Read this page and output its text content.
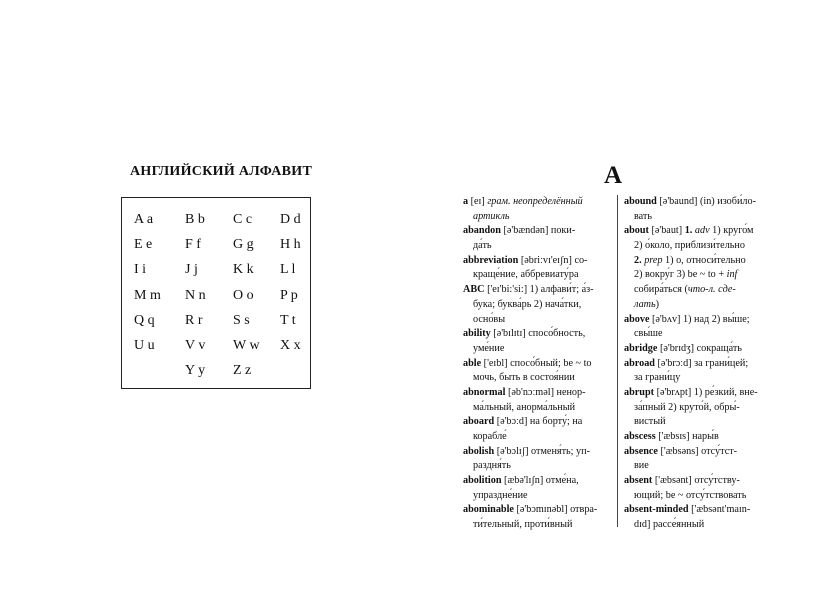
АНГЛИЙСКИЙ АЛФАВИТ
A a B b C c D d
E e F f G g H h
I i	J j	K k L l
M m N n O o P p
Q q R r S s T t
U u V v W w X x
Y y Z z
A
a [eɪ] грам. неопределённый
артикль
abandon [ə'bændən] поки-
да́ть
abbreviation [əbriːvɪ'eɪʃn] со-
краще́ние, аббревиату́ра
ABC ['eɪ'bi:'si:] 1) алфави́т; а́з-
бука; буква́рь 2) нача́тки,
осно́вы
ability [ə'bɪlɪtɪ] спосо́бность,
уме́ние
able ['eɪbl] спосо́бный; be ~ to
мочь, быть в состоя́нии
abnormal [əb'nɔːməl] ненор-
ма́льный, анорма́льный
aboard [ə'bɔːd] на борту́; на
корабле́
abolish [ə'bɔlɪʃ] отменя́ть; уп-
раздня́ть
abolition [æbə'lɪʃn] отме́на,
упраздне́ние
abominable [ə'bɔmɪnəbl] отвра-
ти́тельный, проти́вный
abound [ə'baund] (in) изоби́ло-
вать
about [ə'baut] 1. adv 1) круго́м
2) о́коло, приблизи́тельно
2. prep 1) о, относи́тельно
2) вокру́г 3) be ~ to + inf
собира́ться (что-л. сде-
лать)
above [ə'bʌv] 1) над 2) вы́ше;
свы́ше
abridge [ə'brɪdʒ] сокраща́ть
abroad [ə'brɔːd] за грани́цей;
за грани́цу
abrupt [ə'brʌpt] 1) ре́зкий, вне-
за́пный 2) круто́й, обры́-
вистый
abscess ['æbsɪs] нары́в
absence ['æbsəns] отсу́тст-
вие
absent ['æbsənt] отсу́тству-
ющий; be ~ отсу́тствовать
absent-minded ['æbsənt'maɪn-
dɪd] рассе́янный
